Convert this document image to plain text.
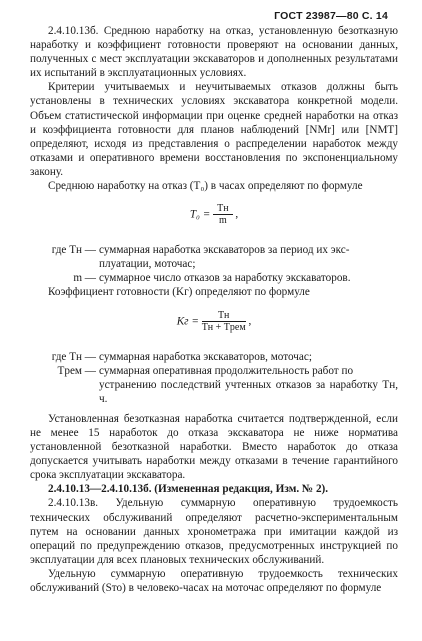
ГОСТ 23987—80 С. 14

2.4.10.13б. Среднюю наработку на отказ, установленную безотказную наработку и коэффициент готовности проверяют на основании данных, полученных с мест эксплуатации экскаваторов и дополненных результатами их испытаний в эксплуатационных условиях.

Критерии учитываемых и неучитываемых отказов должны быть установлены в технических условиях экскаватора конкретной модели. Объем статистической информации при оценке средней наработки на отказ и коэффициента готовности для планов наблюдений [NMr] или [NMT] определяют, исходя из представления о распределении наработок между отказами и оперативного времени восстановления по экспоненциальному закону.

Среднюю наработку на отказ (T₀) в часах определяют по формуле

$T_0 = \frac{Tн}{m}$ ,
где Tн — суммарная наработка экскаваторов за период их экс-
плуатации, моточас;
m — суммарное число отказов за наработку экскаваторов.

Коэффициент готовности (Kг) определяют по формуле

Kг = $\frac{Tн}{\text{Tн + Tрем}}$ ,
где Tн — суммарная наработка экскаваторов, моточас;
Tрем — суммарная оперативная продолжительность работ по
устранению последствий учтенных отказов за наработку Tн, ч.

Установленная безотказная наработка считается подтвержденной, если не менее 15 наработок до отказа экскаватора не ниже норматива установленной безотказной наработки. Вместо наработок до отказа допускается учитывать наработки между отказами в течение гарантийного срока эксплуатации экскаватора.

2.4.10.13—2.4.10.13б. (Измененная редакция, Изм. № 2).

2.4.10.13в. Удельную суммарную оперативную трудоемкость технических обслуживаний определяют расчетно-экспериментальным путем на основании данных хронометража при имитации каждой из операций по предупреждению отказов, предусмотренных инструкцией по эксплуатации для всех плановых технических обслуживаний.

Удельную суммарную оперативную трудоемкость технических обслуживаний (Sто) в человеко-часах на моточас определяют по формуле
